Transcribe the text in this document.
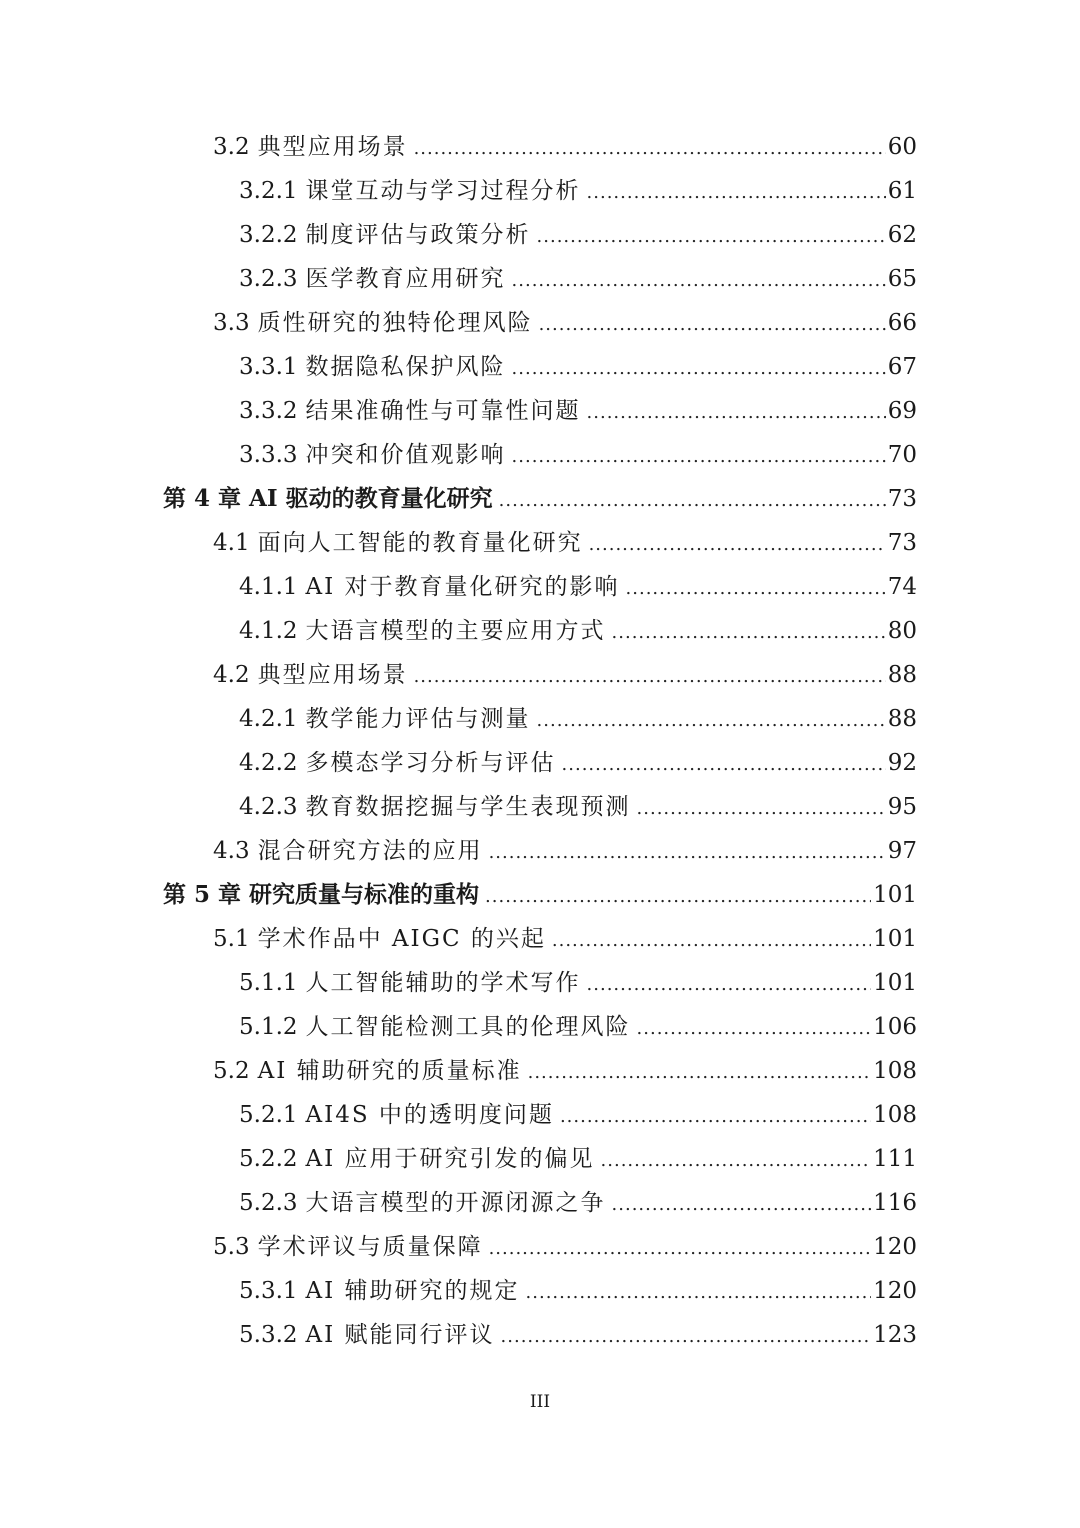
3.2 典型应用场景 .....	60
3.2.1 课堂互动与学习过程分析 .....	61
3.2.2 制度评估与政策分析 .....	62
3.2.3 医学教育应用研究 .....	65
3.3 质性研究的独特伦理风险 .....	66
3.3.1 数据隐私保护风险 .....	67
3.3.2 结果准确性与可靠性问题 .....	69
3.3.3 冲突和价值观影响 .....	70
第 4 章 AI 驱动的教育量化研究 .....	73
4.1 面向人工智能的教育量化研究 .....	73
4.1.1 AI 对于教育量化研究的影响 .....	74
4.1.2 大语言模型的主要应用方式 .....	80
4.2 典型应用场景 .....	88
4.2.1 教学能力评估与测量 .....	88
4.2.2 多模态学习分析与评估 .....	92
4.2.3 教育数据挖掘与学生表现预测 .....	95
4.3 混合研究方法的应用 .....	97
第 5 章 研究质量与标准的重构 .....	101
5.1 学术作品中 AIGC 的兴起 .....	101
5.1.1 人工智能辅助的学术写作 .....	101
5.1.2 人工智能检测工具的伦理风险 .....	106
5.2 AI 辅助研究的质量标准 .....	108
5.2.1 AI4S 中的透明度问题 .....	108
5.2.2 AI 应用于研究引发的偏见 .....	111
5.2.3 大语言模型的开源闭源之争 .....	116
5.3 学术评议与质量保障 .....	120
5.3.1 AI 辅助研究的规定 .....	120
5.3.2 AI 赋能同行评议 .....	123
III
